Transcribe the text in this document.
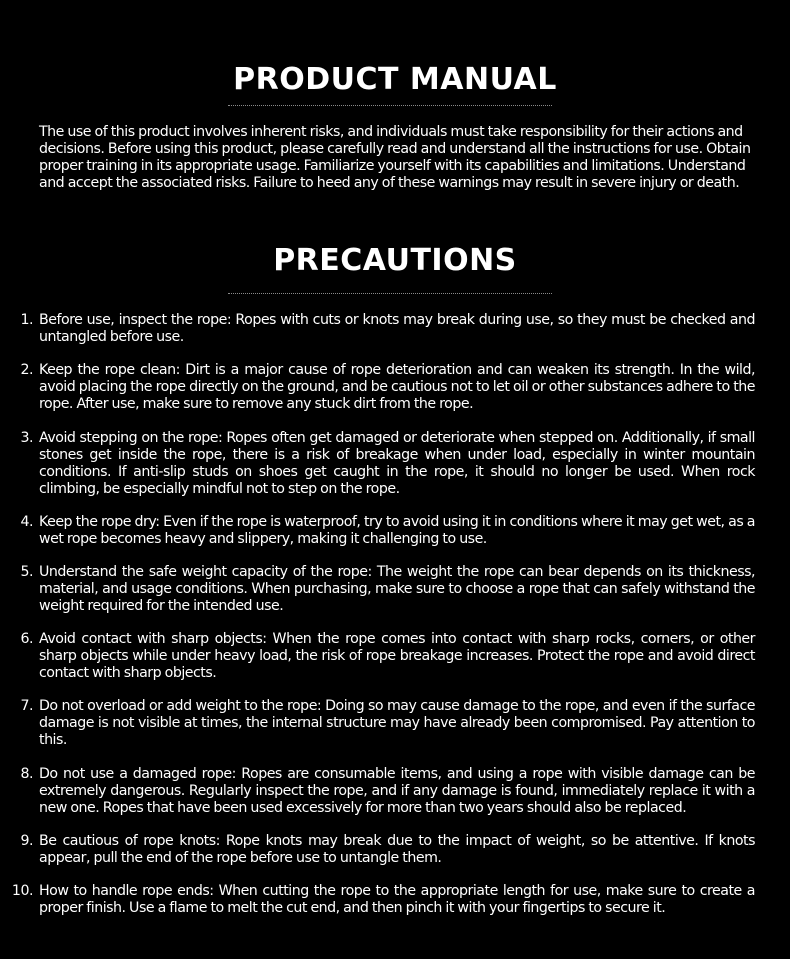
PRODUCT MANUAL

The use of this product involves inherent risks, and individuals must take responsibility for their actions and decisions. Before using this product, please carefully read and understand all the instructions for use. Obtain proper training in its appropriate usage. Familiarize yourself with its capabilities and limitations. Understand and accept the associated risks. Failure to heed any of these warnings may result in severe injury or death.

PRECAUTIONS
1. Before use, inspect the rope: Ropes with cuts or knots may break during use, so they must be checked and untangled before use.
2. Keep the rope clean: Dirt is a major cause of rope deterioration and can weaken its strength. In the wild, avoid placing the rope directly on the ground, and be cautious not to let oil or other substances adhere to the rope. After use, make sure to remove any stuck dirt from the rope.
3. Avoid stepping on the rope: Ropes often get damaged or deteriorate when stepped on. Additionally, if small stones get inside the rope, there is a risk of breakage when under load, especially in winter mountain conditions. If anti-slip studs on shoes get caught in the rope, it should no longer be used. When rock climbing, be especially mindful not to step on the rope.
4. Keep the rope dry: Even if the rope is waterproof, try to avoid using it in conditions where it may get wet, as a wet rope becomes heavy and slippery, making it challenging to use.
5. Understand the safe weight capacity of the rope: The weight the rope can bear depends on its thickness, material, and usage conditions. When purchasing, make sure to choose a rope that can safely withstand the weight required for the intended use.
6. Avoid contact with sharp objects: When the rope comes into contact with sharp rocks, corners, or other sharp objects while under heavy load, the risk of rope breakage increases. Protect the rope and avoid direct contact with sharp objects.
7. Do not overload or add weight to the rope: Doing so may cause damage to the rope, and even if the surface damage is not visible at times, the internal structure may have already been compromised. Pay attention to this.
8. Do not use a damaged rope: Ropes are consumable items, and using a rope with visible damage can be extremely dangerous. Regularly inspect the rope, and if any damage is found, immediately replace it with a new one. Ropes that have been used excessively for more than two years should also be replaced.
9. Be cautious of rope knots: Rope knots may break due to the impact of weight, so be attentive. If knots appear, pull the end of the rope before use to untangle them.
10. How to handle rope ends: When cutting the rope to the appropriate length for use, make sure to create a proper finish. Use a flame to melt the cut end, and then pinch it with your fingertips to secure it.
